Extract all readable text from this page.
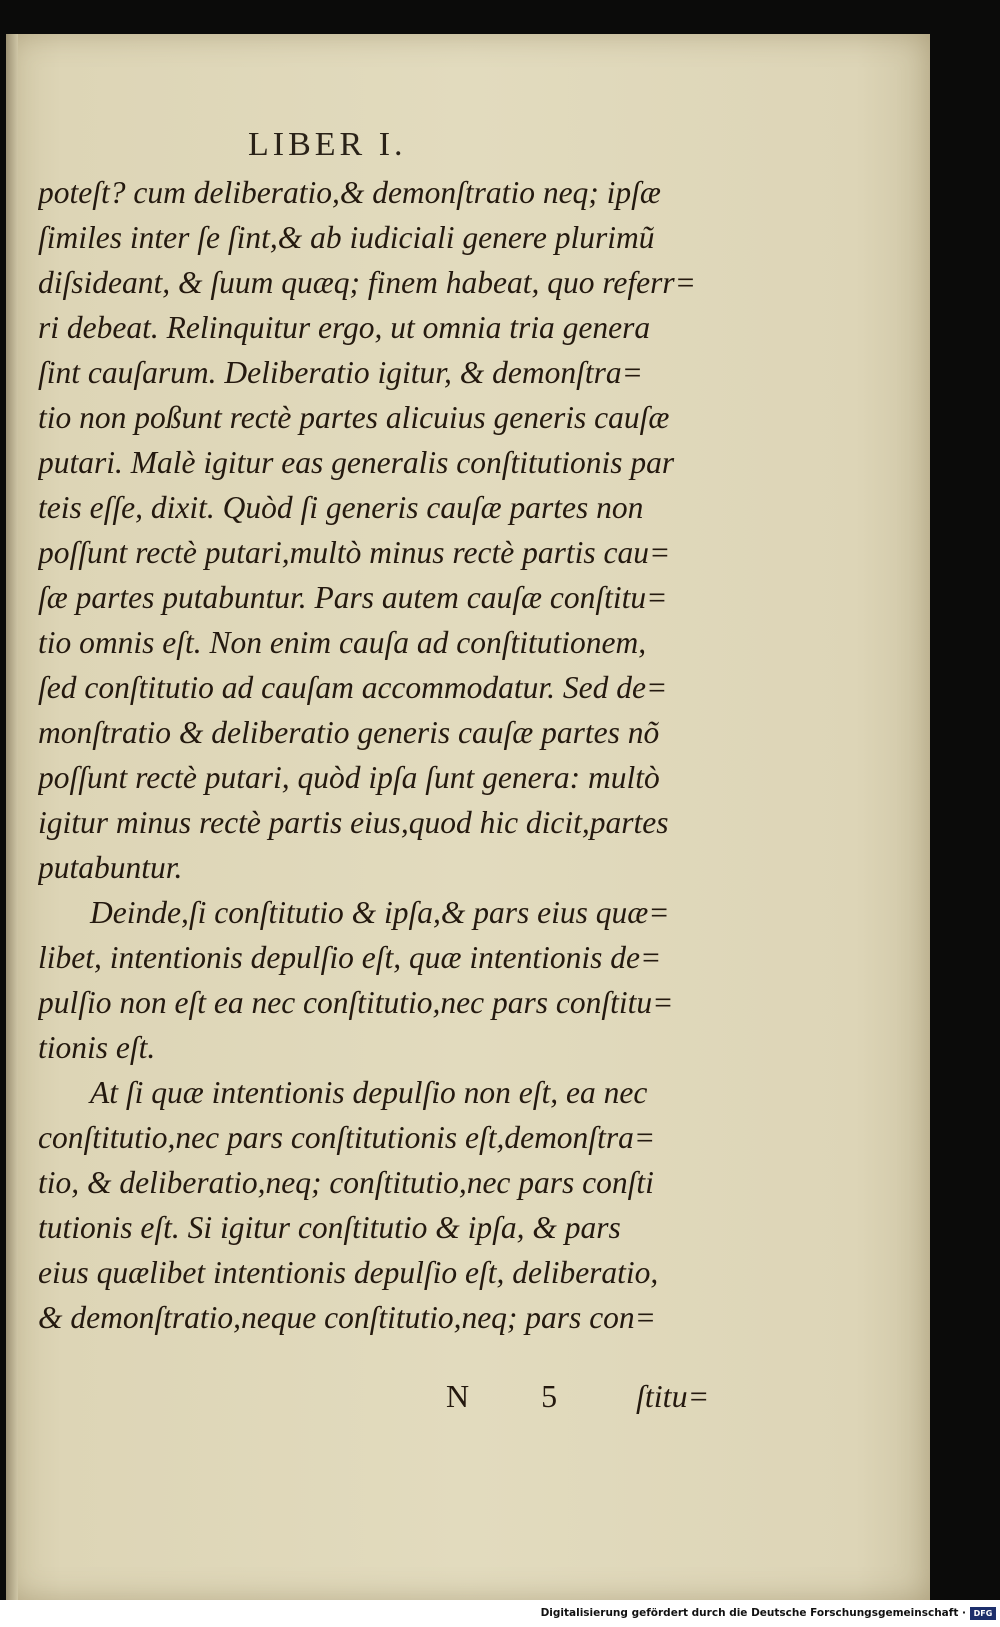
LIBER I.
poteſt? cum deliberatio,& demonſtratio neq; ipſæ
ſimiles inter ſe ſint,& ab iudiciali genere plurimũ
diſsideant, & ſuum quæq; finem habeat, quo referr=
ri debeat. Relinquitur ergo, ut omnia tria genera
ſint cauſarum. Deliberatio igitur, & demonſtra=
tio non poßunt rectè partes alicuius generis cauſæ
putari. Malè igitur eas generalis conſtitutionis par
teis eſſe, dixit. Quòd ſi generis cauſæ partes non
poſſunt rectè putari,multò minus rectè partis cau=
ſæ partes putabuntur. Pars autem cauſæ conſtitu=
tio omnis eſt. Non enim cauſa ad conſtitutionem,
ſed conſtitutio ad cauſam accommodatur. Sed de=
monſtratio & deliberatio generis cauſæ partes nõ
poſſunt rectè putari, quòd ipſa ſunt genera: multò
igitur minus rectè partis eius,quod hic dicit,partes
putabuntur.
Deinde,ſi conſtitutio & ipſa,& pars eius quæ=
libet, intentionis depulſio eſt, quæ intentionis de=
pulſio non eſt ea nec conſtitutio,nec pars conſtitu=
tionis eſt.
At ſi quæ intentionis depulſio non eſt, ea nec
conſtitutio,nec pars conſtitutionis eſt,demonſtra=
tio, & deliberatio,neq; conſtitutio,nec pars conſti
tutionis eſt. Si igitur conſtitutio & ipſa, & pars
eius quælibet intentionis depulſio eſt, deliberatio,
& demonſtratio,neque conſtitutio,neq; pars con=
N 5 ſtitu=
Digitalisierung gefördert durch die Deutsche Forschungsgemeinschaft · DFG
